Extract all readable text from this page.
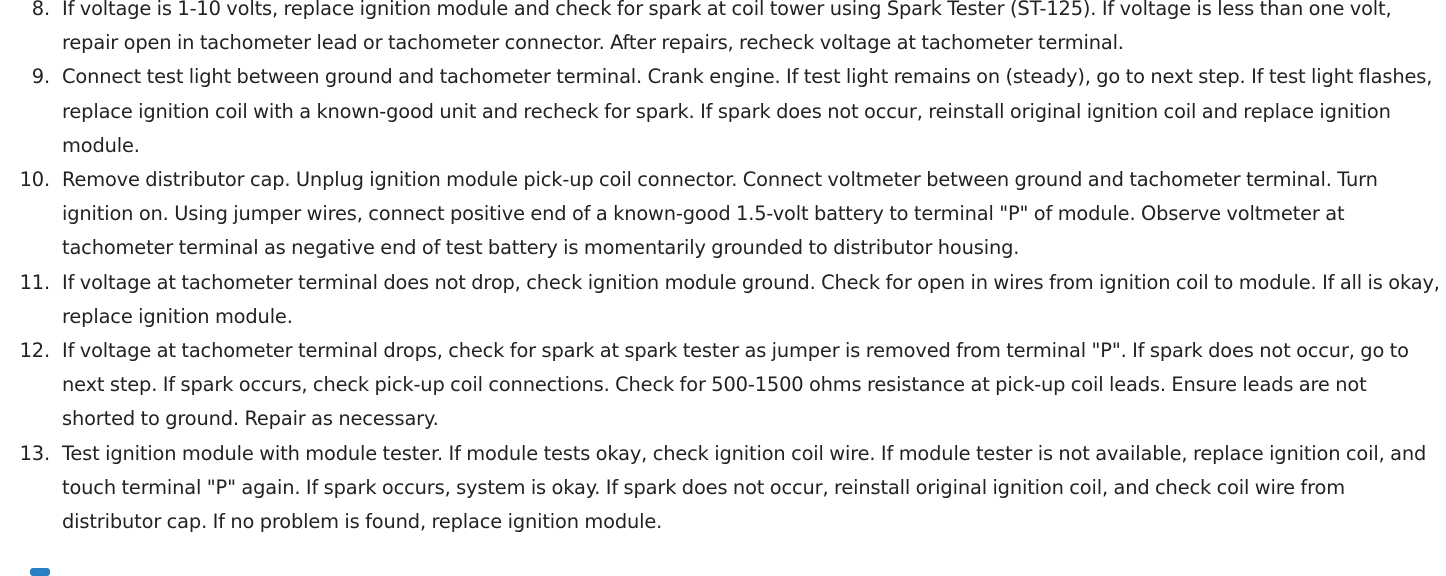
8. If voltage is 1-10 volts, replace ignition module and check for spark at coil tower using Spark Tester (ST-125). If voltage is less than one volt, repair open in tachometer lead or tachometer connector. After repairs, recheck voltage at tachometer terminal.
9. Connect test light between ground and tachometer terminal. Crank engine. If test light remains on (steady), go to next step. If test light flashes, replace ignition coil with a known-good unit and recheck for spark. If spark does not occur, reinstall original ignition coil and replace ignition module.
10. Remove distributor cap. Unplug ignition module pick-up coil connector. Connect voltmeter between ground and tachometer terminal. Turn ignition on. Using jumper wires, connect positive end of a known-good 1.5-volt battery to terminal "P" of module. Observe voltmeter at tachometer terminal as negative end of test battery is momentarily grounded to distributor housing.
11. If voltage at tachometer terminal does not drop, check ignition module ground. Check for open in wires from ignition coil to module. If all is okay, replace ignition module.
12. If voltage at tachometer terminal drops, check for spark at spark tester as jumper is removed from terminal "P". If spark does not occur, go to next step. If spark occurs, check pick-up coil connections. Check for 500-1500 ohms resistance at pick-up coil leads. Ensure leads are not shorted to ground. Repair as necessary.
13. Test ignition module with module tester. If module tests okay, check ignition coil wire. If module tester is not available, replace ignition coil, and touch terminal "P" again. If spark occurs, system is okay. If spark does not occur, reinstall original ignition coil, and check coil wire from distributor cap. If no problem is found, replace ignition module.
